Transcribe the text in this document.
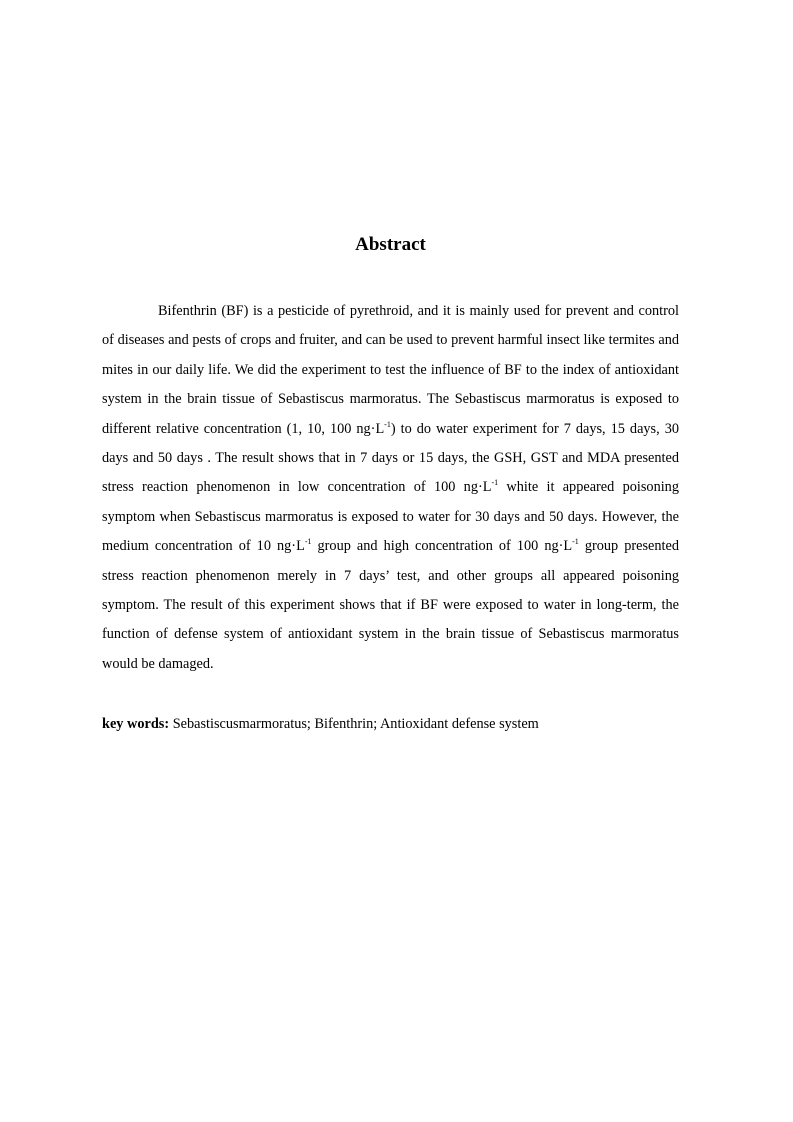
Abstract

Bifenthrin (BF) is a pesticide of pyrethroid, and it is mainly used for prevent and control of diseases and pests of crops and fruiter, and can be used to prevent harmful insect like termites and mites in our daily life. We did the experiment to test the influence of BF to the index of antioxidant system in the brain tissue of Sebastiscus marmoratus. The Sebastiscus marmoratus is exposed to different relative concentration (1, 10, 100 $ng\cdot L^{-1}$) to do water experiment for 7 days, 15 days, 30 days and 50 days . The result shows that in 7 days or 15 days, the GSH, GST and MDA presented stress reaction phenomenon in low concentration of 100 $ng\cdot L^{-1}$ white it appeared poisoning symptom when Sebastiscus marmoratus is exposed to water for 30 days and 50 days. However, the medium concentration of 10 $ng\cdot L^{-1}$ group and high concentration of 100 $ng\cdot L^{-1}$ group presented stress reaction phenomenon merely in 7 days’ test, and other groups all appeared poisoning symptom. The result of this experiment shows that if BF were exposed to water in long-term, the function of defense system of antioxidant system in the brain tissue of Sebastiscus marmoratus would be damaged.

key words: Sebastiscusmarmoratus; Bifenthrin; Antioxidant defense system
